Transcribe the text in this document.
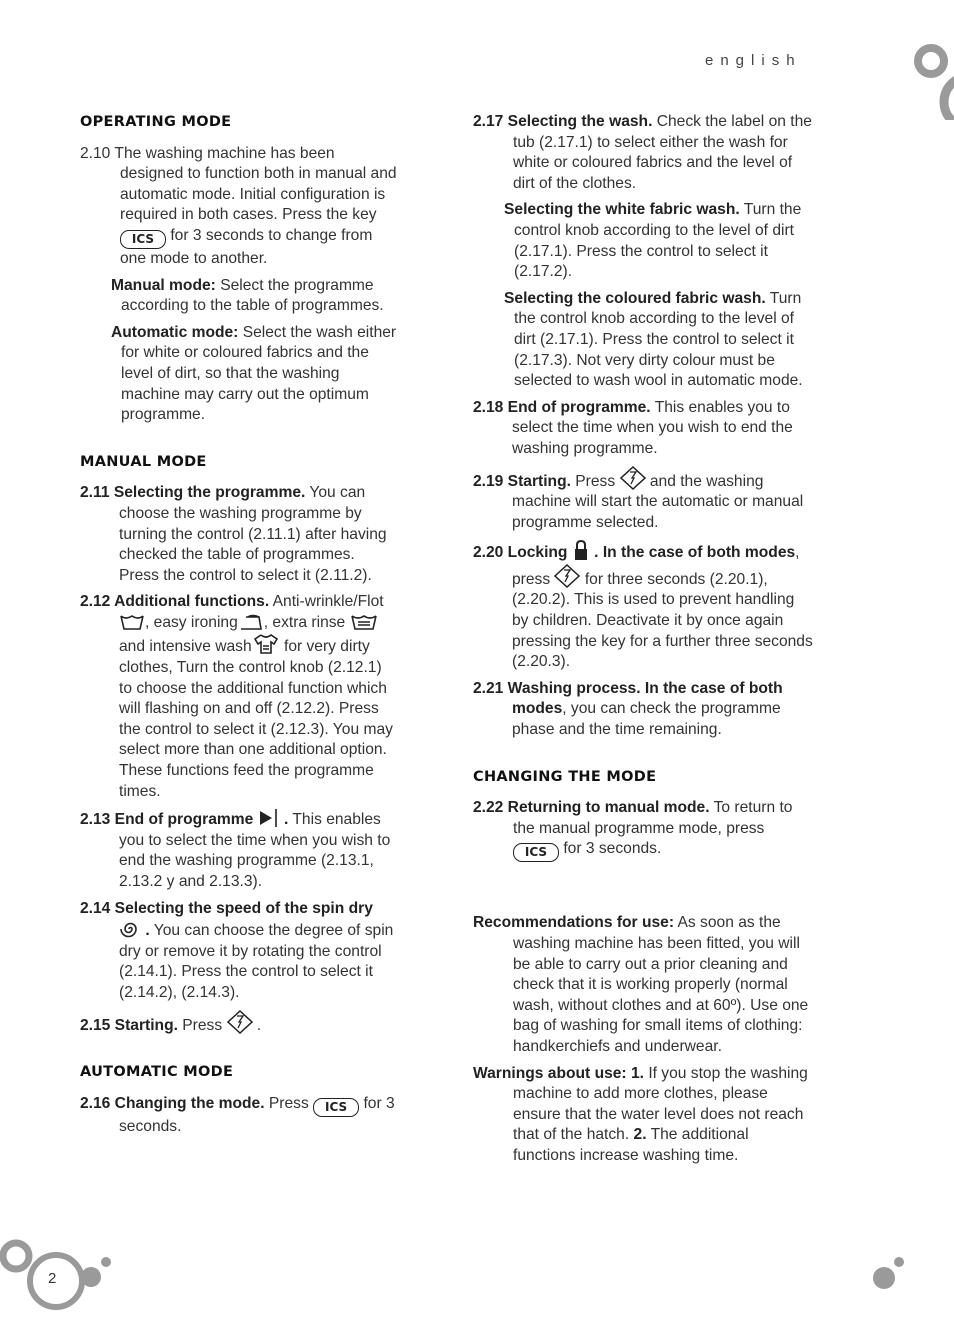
2
english
OPERATING MODE
2.10 The washing machine has been designed to function both in manual and automatic mode. Initial configuration is required in both cases. Press the key ICS for 3 seconds to change from one mode to another.
Manual mode: Select the programme according to the table of programmes.
Automatic mode: Select the wash either for white or coloured fabrics and the level of dirt, so that the washing machine may carry out the optimum programme.
MANUAL MODE
2.11 Selecting the programme. You can choose the washing programme by turning the control (2.11.1) after having checked the table of programmes. Press the control to select it (2.11.2).
2.12 Additional functions. Anti-wrinkle/Flot, easy ironing , extra rinse  and intensive wash for very dirty clothes, Turn the control knob (2.12.1) to choose the additional function which will flashing on and off (2.12.2). Press the control to select it (2.12.3). You may select more than one additional option. These functions feed the programme times.
2.13 End of programme . This enables you to select the time when you wish to end the washing programme (2.13.1, 2.13.2 y and 2.13.3).
2.14 Selecting the speed of the spin dry  . You can choose the degree of spin dry or remove it by rotating the control (2.14.1). Press the control to select it (2.14.2), (2.14.3).
2.15 Starting. Press .
AUTOMATIC MODE
2.16 Changing the mode. Press ICS for 3 seconds.
2.17 Selecting the wash. Check the label on the tub (2.17.1) to select either the wash for white or coloured fabrics and the level of dirt of the clothes.
Selecting the white fabric wash. Turn the control knob according to the level of dirt (2.17.1). Press the control to select it (2.17.2).
Selecting the coloured fabric wash. Turn the control knob according to the level of dirt (2.17.1). Press the control to select it (2.17.3). Not very dirty colour must be selected to wash wool in automatic mode.
2.18 End of programme. This enables you to select the time when you wish to end the washing programme.
2.19 Starting. Press and the washing machine will start the automatic or manual programme selected.
2.20 Locking . In the case of both modes, press for three seconds (2.20.1), (2.20.2). This is used to prevent handling by children. Deactivate it by once again pressing the key for a further three seconds (2.20.3).
2.21 Washing process. In the case of both modes, you can check the programme phase and the time remaining.
CHANGING THE MODE
2.22 Returning to manual mode. To return to the manual programme mode, press ICS for 3 seconds.
Recommendations for use: As soon as the washing machine has been fitted, you will be able to carry out a prior cleaning and check that it is working properly (normal wash, without clothes and at 60º). Use one bag of washing for small items of clothing: handkerchiefs and underwear.
Warnings about use: 1. If you stop the washing machine to add more clothes, please ensure that the water level does not reach that of the hatch. 2. The additional functions increase washing time.
